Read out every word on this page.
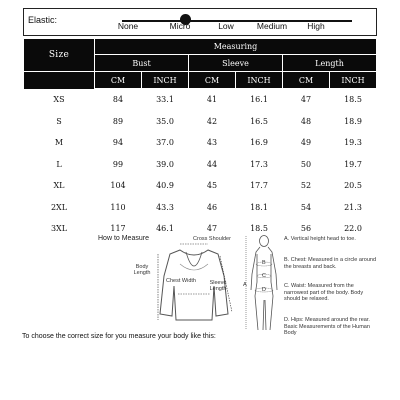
Elastic:
None	Micro	Low	Medium High
Size	Measuring					
	Bust		Sleeve		Length	
	CM	INCH	CM	INCH	CM	INCH
XS	84	33.1	41	16.1	47	18.5
S	89	35.0	42	16.5	48	18.9
M	94	37.0	43	16.9	49	19.3
L	99	39.0	44	17.3	50	19.7
XL	104	40.9	45	17.7	52	20.5
2XL	110	43.3	46	18.1	54	21.3
3XL	117	46.1	47	18.5	56	22.0
How to Measure	Cross Shoulder
Body Length
Chest Width	Sleeve Length
A
B
C
D
A. Vertical height head to toe.
B. Chest: Measured in a circle around the breasts and back.
C. Waist: Measured from the narrowest part of the body. Body should be relaxed.
D. Hips: Measured around the rear. Basic Measurements of the Human Body
To choose the correct size for you measure your body like this:
